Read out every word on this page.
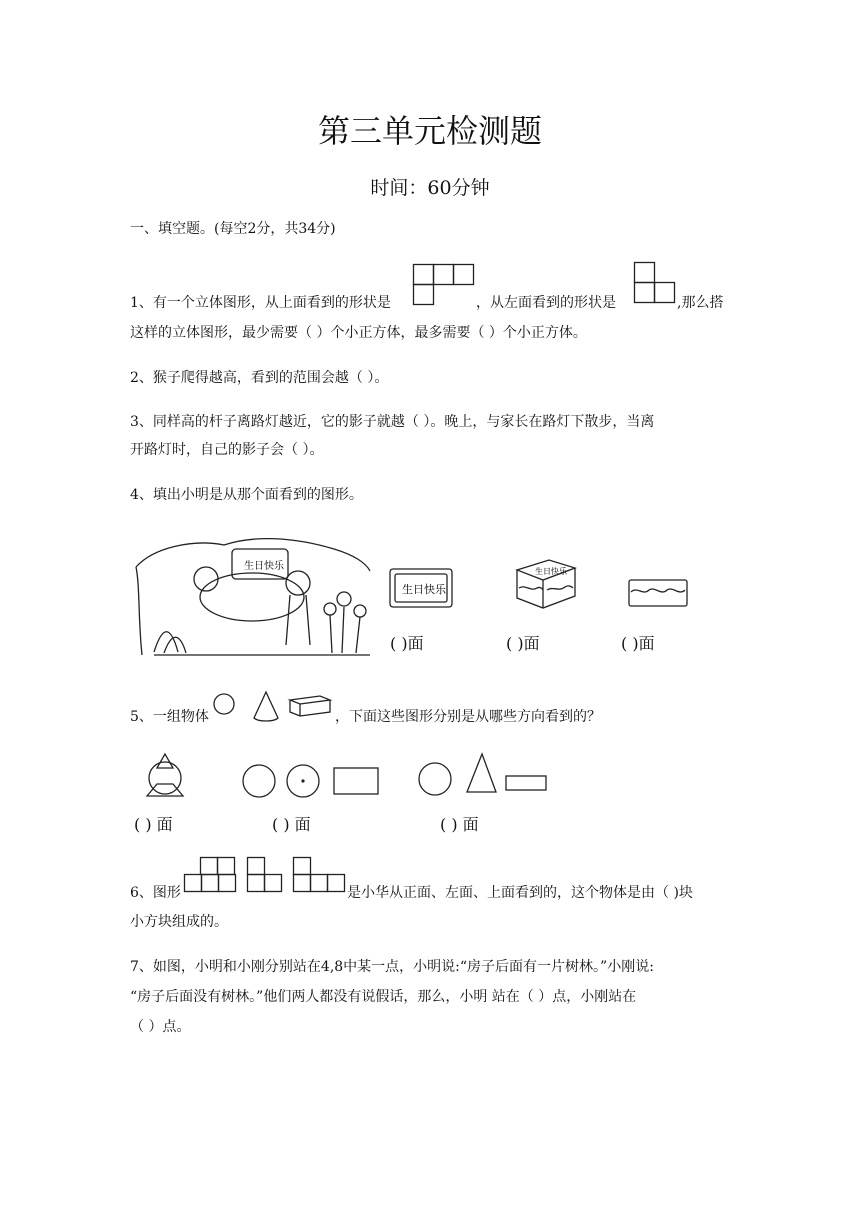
第三单元检测题
时间：60分钟
一、填空题。(每空2分，共34分)
1、有一个立体图形，从上面看到的形状是	，从左面看到的形状是	,那么搭
这样的立体图形，最少需要（ ）个小正方体，最多需要（ ）个小正方体。
2、猴子爬得越高，看到的范围会越（ ）。
3、同样高的杆子离路灯越近，它的影子就越（ ）。晚上，与家长在路灯下散步，当离
开路灯时，自己的影子会（ ）。
4、填出小明是从那个面看到的图形。
生日快乐
生日快乐
生日快乐
( )面	( )面	( )面
5、一组物体	，下面这些图形分别是从哪些方向看到的？
( ) 面	( ) 面	( ) 面
6、图形	是小华从正面、左面、上面看到的，这个物体是由（ )块
小方块组成的。
7、如图，小明和小刚分别站在4,8中某一点，小明说:“房子后面有一片树林。”小刚说:
“房子后面没有树林。”他们两人都没有说假话，那么，小明 站在（ ）点，小刚站在
（ ）点。
